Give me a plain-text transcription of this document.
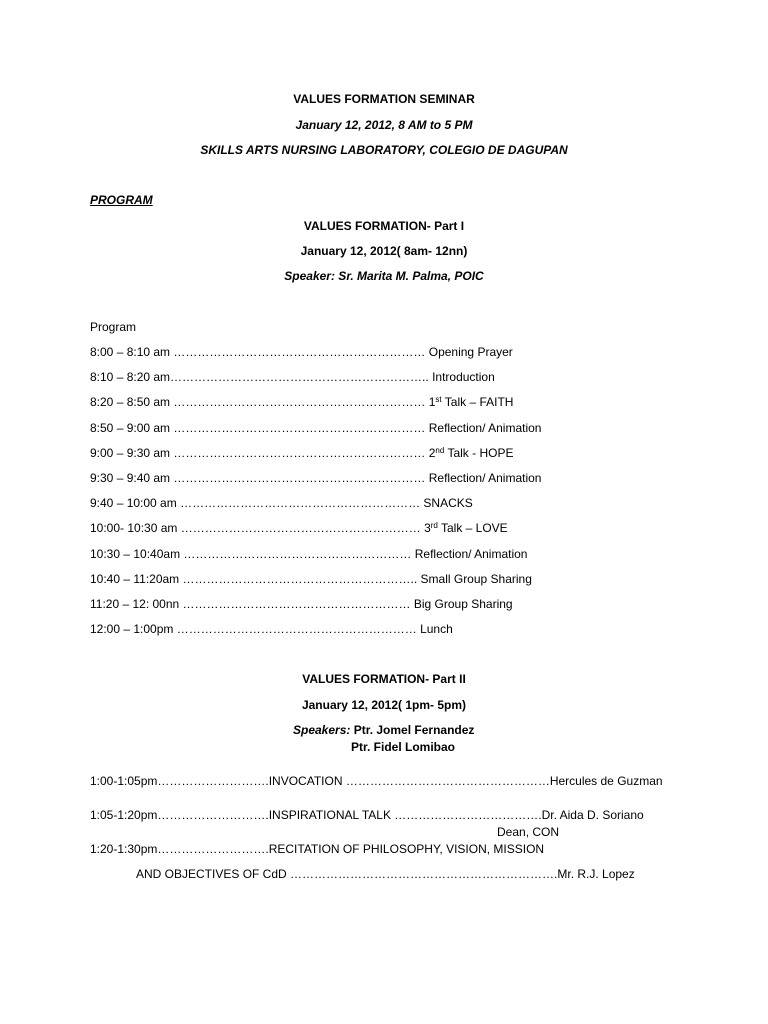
VALUES FORMATION SEMINAR
January 12, 2012, 8 AM to 5 PM
SKILLS ARTS NURSING LABORATORY, COLEGIO DE DAGUPAN
PROGRAM
VALUES FORMATION- Part I
January 12, 2012( 8am- 12nn)
Speaker: Sr. Marita M. Palma, POIC
Program
8:00 – 8:10 am ……………………………………………………… Opening Prayer
8:10 – 8:20 am……………………………………………………….. Introduction
8:20 – 8:50 am ……………………………………………………… 1st Talk – FAITH
8:50 – 9:00 am ……………………………………………………… Reflection/ Animation
9:00 – 9:30 am ……………………………………………………… 2nd Talk - HOPE
9:30 – 9:40 am ……………………………………………………… Reflection/ Animation
9:40 – 10:00 am …………………………………………………… SNACKS
10:00- 10:30 am …………………………………………………… 3rd Talk – LOVE
10:30 – 10:40am ………………………………………………… Reflection/ Animation
10:40 – 11:20am ………………………………………………….. Small Group Sharing
11:20 – 12: 00nn ………………………………………………… Big Group Sharing
12:00 – 1:00pm …………………………………………………… Lunch
VALUES FORMATION- Part II
January 12, 2012( 1pm- 5pm)
Speakers: Ptr. Jomel Fernandez
Ptr. Fidel Lomibao
1:00-1:05pm……………………….INVOCATION ……………………………………………Hercules de Guzman
1:05-1:20pm……………………….INSPIRATIONAL TALK ……………………………….Dr. Aida D. Soriano
Dean, CON
1:20-1:30pm……………………….RECITATION OF PHILOSOPHY, VISION, MISSION
AND OBJECTIVES OF CdD ………………………………………………………….Mr. R.J. Lopez
